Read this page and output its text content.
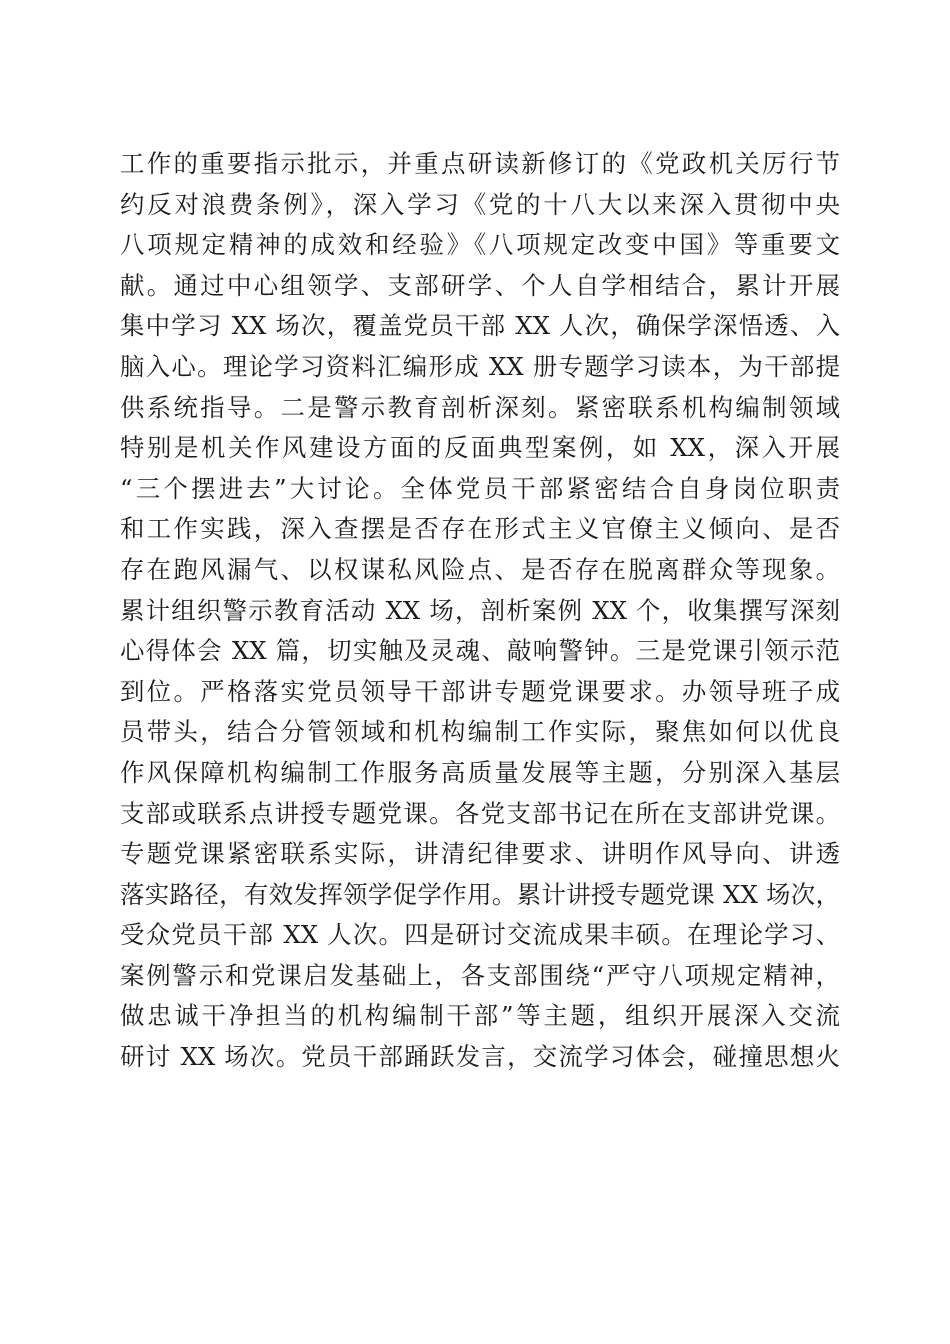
工作的重要指示批示，并重点研读新修订的《党政机关厉行节
约反对浪费条例》，深入学习《党的十八大以来深入贯彻中央
八项规定精神的成效和经验》《八项规定改变中国》等重要文
献。通过中心组领学、支部研学、个人自学相结合，累计开展
集中学习 XX 场次，覆盖党员干部 XX 人次，确保学深悟透、入
脑入心。理论学习资料汇编形成 XX 册专题学习读本，为干部提
供系统指导。二是警示教育剖析深刻。紧密联系机构编制领域
特别是机关作风建设方面的反面典型案例，如 XX，深入开展
“三个摆进去”大讨论。全体党员干部紧密结合自身岗位职责
和工作实践，深入查摆是否存在形式主义官僚主义倾向、是否
存在跑风漏气、以权谋私风险点、是否存在脱离群众等现象。
累计组织警示教育活动 XX 场，剖析案例 XX 个，收集撰写深刻
心得体会 XX 篇，切实触及灵魂、敲响警钟。三是党课引领示范
到位。严格落实党员领导干部讲专题党课要求。办领导班子成
员带头，结合分管领域和机构编制工作实际，聚焦如何以优良
作风保障机构编制工作服务高质量发展等主题，分别深入基层
支部或联系点讲授专题党课。各党支部书记在所在支部讲党课。
专题党课紧密联系实际，讲清纪律要求、讲明作风导向、讲透
落实路径，有效发挥领学促学作用。累计讲授专题党课 XX 场次，
受众党员干部 XX 人次。四是研讨交流成果丰硕。在理论学习、
案例警示和党课启发基础上，各支部围绕“严守八项规定精神，
做忠诚干净担当的机构编制干部”等主题，组织开展深入交流
研讨 XX 场次。党员干部踊跃发言，交流学习体会，碰撞思想火
